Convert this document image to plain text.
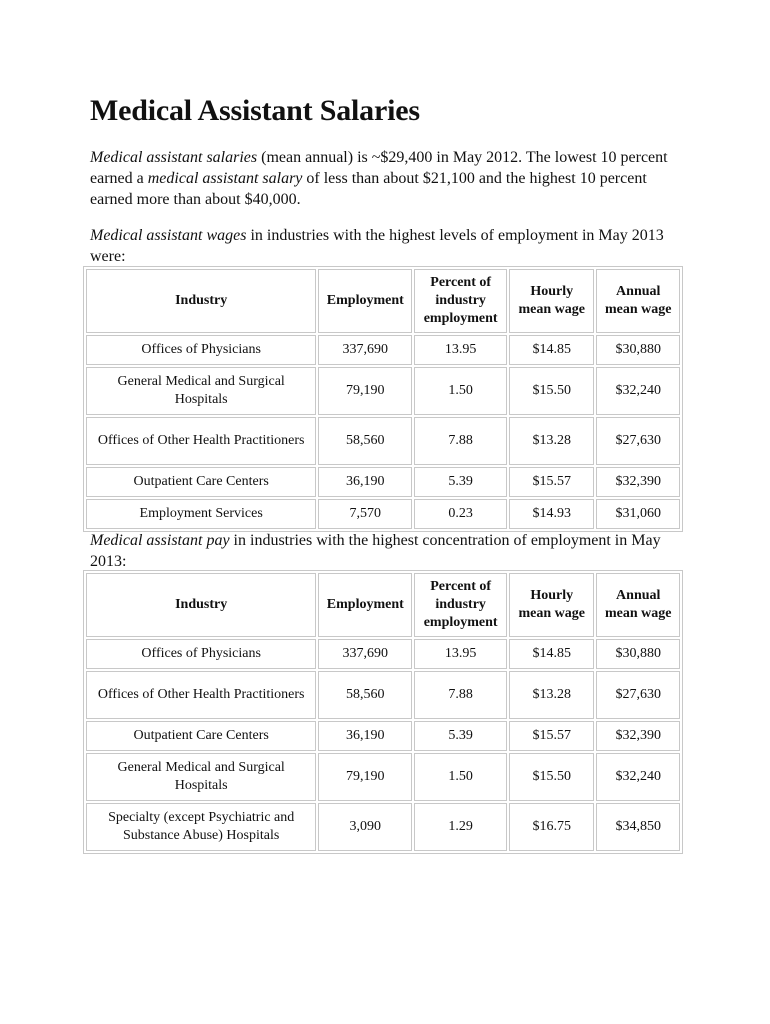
Medical Assistant Salaries

Medical assistant salaries (mean annual) is ~$29,400 in May 2012. The lowest 10 percent earned a medical assistant salary of less than about $21,100 and the highest 10 percent earned more than about $40,000.

Medical assistant wages in industries with the highest levels of employment in May 2013 were:

Industry	Employment	Percent of industry employment	Hourly mean wage	Annual mean wage
Offices of Physicians	337,690	13.95	$14.85	$30,880
General Medical and Surgical Hospitals	79,190	1.50	$15.50	$32,240
Offices of Other Health Practitioners	58,560	7.88	$13.28	$27,630
Outpatient Care Centers	36,190	5.39	$15.57	$32,390
Employment Services	7,570	0.23	$14.93	$31,060

Medical assistant pay in industries with the highest concentration of employment in May 2013:

Industry	Employment	Percent of industry employment	Hourly mean wage	Annual mean wage
Offices of Physicians	337,690	13.95	$14.85	$30,880
Offices of Other Health Practitioners	58,560	7.88	$13.28	$27,630
Outpatient Care Centers	36,190	5.39	$15.57	$32,390
General Medical and Surgical Hospitals	79,190	1.50	$15.50	$32,240
Specialty (except Psychiatric and Substance Abuse) Hospitals	3,090	1.29	$16.75	$34,850
